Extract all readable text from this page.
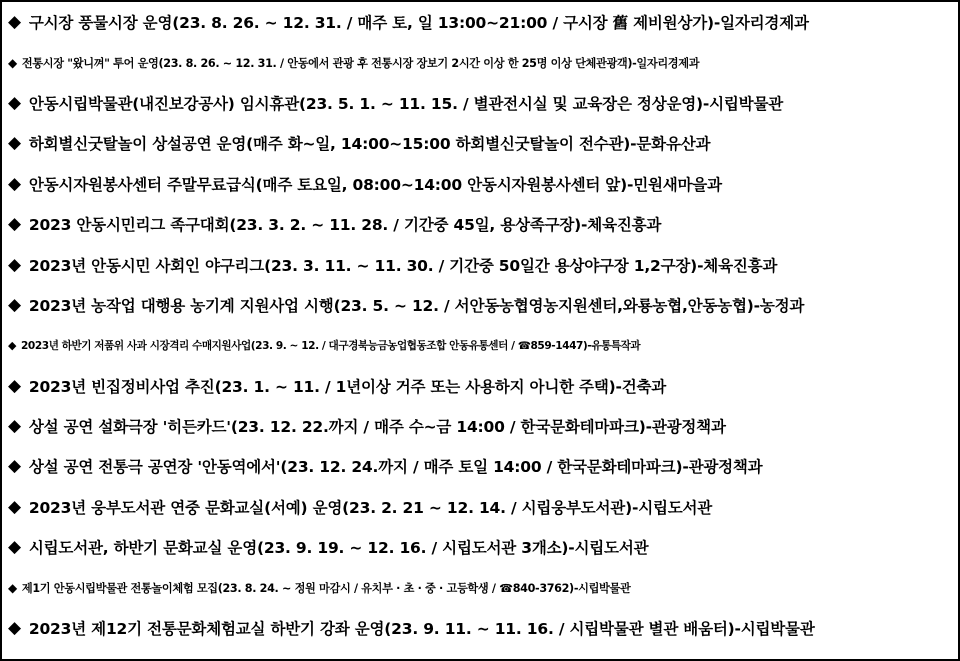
◆ 구시장 풍물시장 운영(23. 8. 26. ~ 12. 31. / 매주 토, 일 13:00~21:00 / 구시장 舊 제비원상가)-일자리경제과
◆ 전통시장 "왔니껴" 투어 운영(23. 8. 26. ~ 12. 31. / 안동에서 관광 후 전통시장 장보기 2시간 이상 한 25명 이상 단체관광객)-일자리경제과
◆ 안동시립박물관(내진보강공사) 임시휴관(23. 5. 1. ~ 11. 15. / 별관전시실 및 교육장은 정상운영)-시립박물관
◆ 하회별신굿탈놀이 상설공연 운영(매주 화~일, 14:00~15:00 하회별신굿탈놀이 전수관)-문화유산과
◆ 안동시자원봉사센터 주말무료급식(매주 토요일, 08:00~14:00 안동시자원봉사센터 앞)-민원새마을과
◆ 2023 안동시민리그 족구대회(23. 3. 2. ~ 11. 28. / 기간중 45일, 용상족구장)-체육진흥과
◆ 2023년 안동시민 사회인 야구리그(23. 3. 11. ~ 11. 30. / 기간중 50일간 용상야구장 1,2구장)-체육진흥과
◆ 2023년 농작업 대행용 농기계 지원사업 시행(23. 5. ~ 12. / 서안동농협영농지원센터,와룡농협,안동농협)-농정과
◆ 2023년 하반기 저품위 사과 시장격리 수매지원사업(23. 9. ~ 12. / 대구경북능금농업협동조합 안동유통센터 / ☎859-1447)-유통특작과
◆ 2023년 빈집정비사업 추진(23. 1. ~ 11. / 1년이상 거주 또는 사용하지 아니한 주택)-건축과
◆ 상설 공연 설화극장 '히든카드'(23. 12. 22.까지 / 매주 수~금 14:00 / 한국문화테마파크)-관광정책과
◆ 상설 공연 전통극 공연장 '안동역에서'(23. 12. 24.까지 / 매주 토일 14:00 / 한국문화테마파크)-관광정책과
◆ 2023년 웅부도서관 연중 문화교실(서예) 운영(23. 2. 21 ~ 12. 14. / 시립웅부도서관)-시립도서관
◆ 시립도서관, 하반기 문화교실 운영(23. 9. 19. ~ 12. 16. / 시립도서관 3개소)-시립도서관
◆ 제1기 안동시립박물관 전통놀이체험 모집(23. 8. 24. ~ 정원 마감시 / 유치부 · 초 · 중 · 고등학생 / ☎840-3762)-시립박물관
◆ 2023년 제12기 전통문화체험교실 하반기 강좌 운영(23. 9. 11. ~ 11. 16. / 시립박물관 별관 배움터)-시립박물관
